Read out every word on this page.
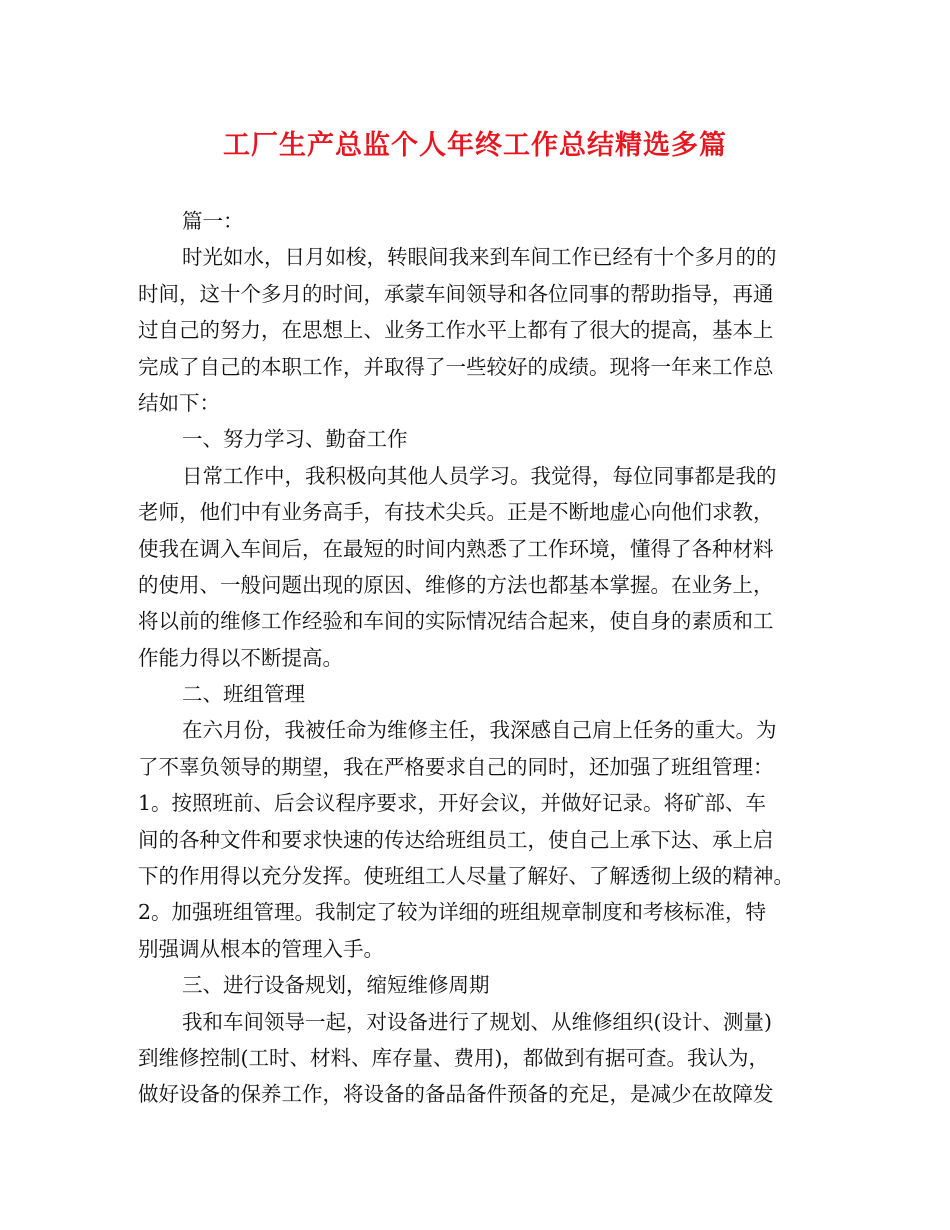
工厂生产总监个人年终工作总结精选多篇
篇一：
时光如水，日月如梭，转眼间我来到车间工作已经有十个多月的的
时间，这十个多月的时间，承蒙车间领导和各位同事的帮助指导，再通
过自己的努力，在思想上、业务工作水平上都有了很大的提高，基本上
完成了自己的本职工作，并取得了一些较好的成绩。现将一年来工作总
结如下：
一、努力学习、勤奋工作
日常工作中，我积极向其他人员学习。我觉得，每位同事都是我的
老师，他们中有业务高手，有技术尖兵。正是不断地虚心向他们求教，
使我在调入车间后，在最短的时间内熟悉了工作环境，懂得了各种材料
的使用、一般问题出现的原因、维修的方法也都基本掌握。在业务上，
将以前的维修工作经验和车间的实际情况结合起来，使自身的素质和工
作能力得以不断提高。
二、班组管理
在六月份，我被任命为维修主任，我深感自己肩上任务的重大。为
了不辜负领导的期望，我在严格要求自己的同时，还加强了班组管理：
1。按照班前、后会议程序要求，开好会议，并做好记录。将矿部、车
间的各种文件和要求快速的传达给班组员工，使自己上承下达、承上启
下的作用得以充分发挥。使班组工人尽量了解好、了解透彻上级的精神。
2。加强班组管理。我制定了较为详细的班组规章制度和考核标准，特
别强调从根本的管理入手。
三、进行设备规划，缩短维修周期
我和车间领导一起，对设备进行了规划、从维修组织(设计、测量)
到维修控制(工时、材料、库存量、费用)，都做到有据可查。我认为，
做好设备的保养工作，将设备的备品备件预备的充足，是减少在故障发
